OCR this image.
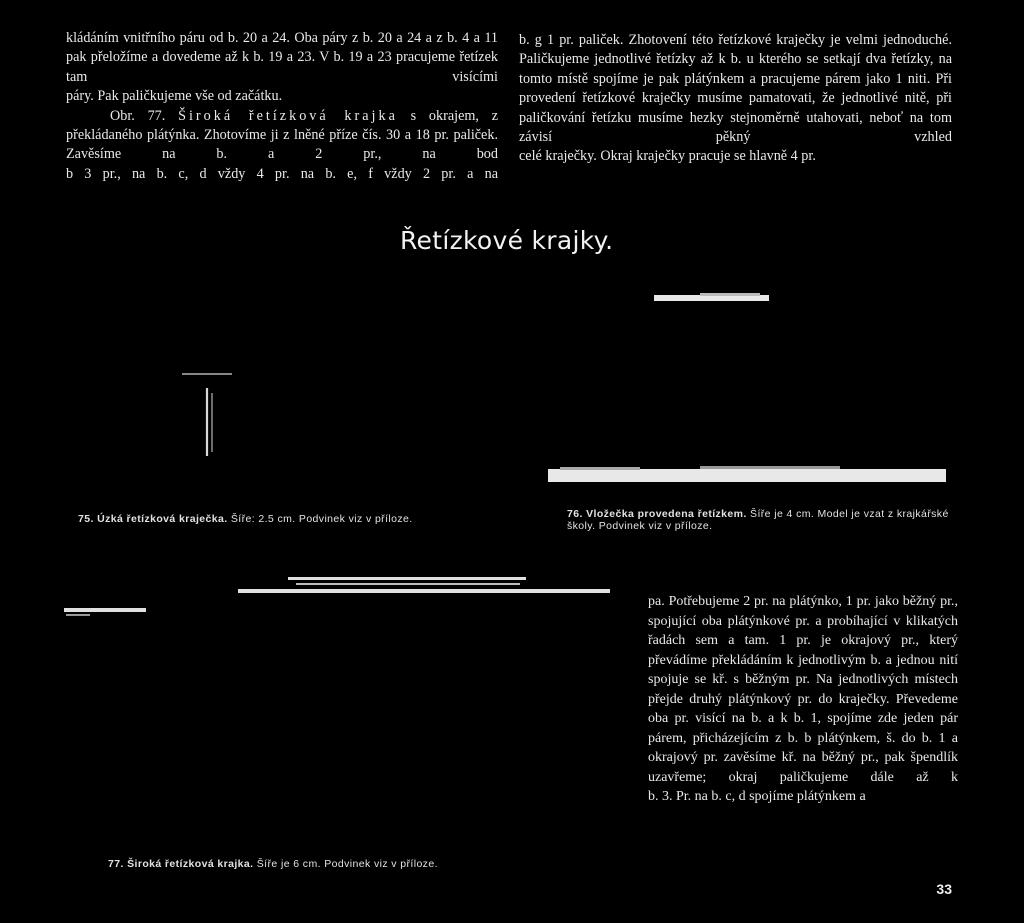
kládáním vnitřního páru od b. 20 a 24. Oba páry z b. 20 a 24 a z b. 4 a 11 pak přeložíme a dovedeme až k b. 19 a 23. V b. 19 a 23 pracujeme řetízek tam visícími

páry. Pak paličkujeme vše od začátku.

Obr. 77. Široká řetízková krajka s okrajem, z překládaného plátýnka. Zhotovíme ji z lněné příze čís. 30 a 18 pr. paliček. Zavěsíme na b. a 2 pr., na bod

b 3 pr., na b. c, d vždy 4 pr. na b. e, f vždy 2 pr. a na

b. g 1 pr. paliček. Zhotovení této řetízkové kraječky je velmi jednoduché. Paličkujeme jednotlivé řetízky až k b. u kterého se setkají dva řetízky, na tomto místě spojíme je pak plátýnkem a pracujeme párem jako 1 niti. Při provedení řetízkové kraječky musíme pamatovati, že jednotlivé nitě, při paličkování řetízku musíme hezky stejnoměrně utahovati, neboť na tom závisí pěkný vzhled

celé kraječky. Okraj kraječky pracuje se hlavně 4 pr.

Řetízkové krajky.
75. Úzká řetízková kraječka. Šíře: 2.5 cm. Podvinek viz v příloze.	76. Vložečka provedena řetízkem. Šíře je 4 cm. Model je vzat z krajkářské školy. Podvinek viz v příloze.
77. Široká řetízková krajka. Šíře je 6 cm. Podvinek viz v příloze.

pa. Potřebujeme 2 pr. na plátýnko, 1 pr. jako běžný pr., spojující oba plátýnkové pr. a probíhající v klikatých řadách sem a tam. 1 pr. je okrajový pr., který převádíme překládáním k jednotlivým b. a jednou nití spojuje se kř. s běžným pr. Na jednotlivých místech přejde druhý plátýnkový pr. do kraječky. Převedeme oba pr. visící na b. a k b. 1, spojíme zde jeden pár párem, přicházejícím z b. b plátýnkem, š. do b. 1 a okrajový pr. zavěsíme kř. na běžný pr., pak špendlík uzavřeme; okraj paličkujeme dále až k

b. 3. Pr. na b. c, d spojíme plátýnkem a

33
